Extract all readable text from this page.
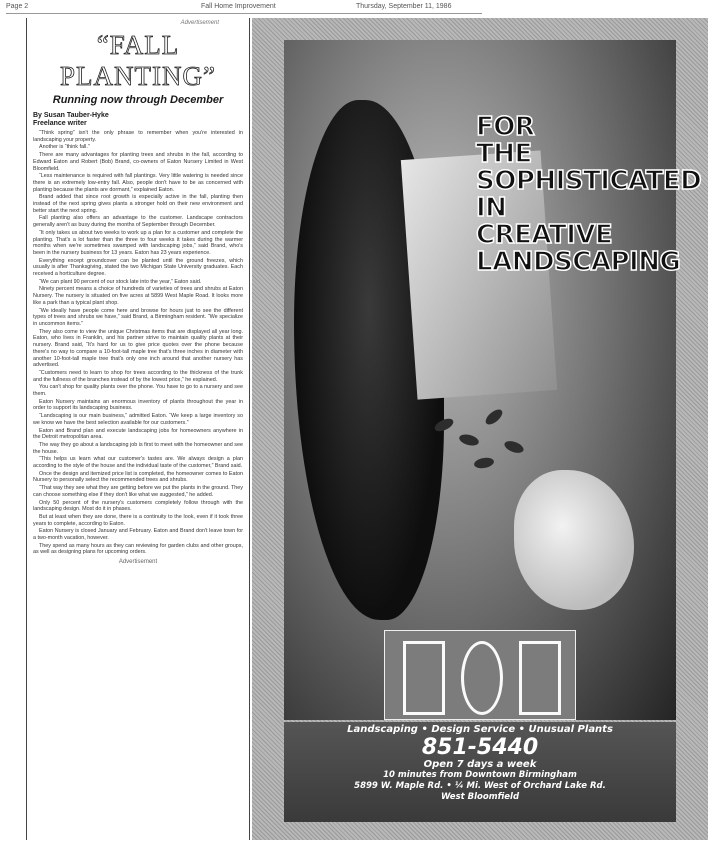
Page 2	Fall Home Improvement	Thursday, September 11, 1986
Advertisement
“FALL PLANTING”
Running now through December
By Susan Tauber-Hyke
Freelance writer

“Think spring” isn't the only phrase to remember when you're interested in landscaping your property.

Another is “think fall.”

There are many advantages for planting trees and shrubs in the fall, according to Edward Eaton and Robert (Bob) Brand, co-owners of Eaton Nursery Limited in West Bloomfield.

“Less maintenance is required with fall plantings. Very little watering is needed since there is an extremely low-entry fall. Also, people don't have to be as concerned with planting because the plants are dormant,” explained Eaton.

Brand added that since root growth is especially active in the fall, planting then instead of the next spring gives plants a stronger hold on their new environment and better start the next spring.

Fall planting also offers an advantage to the customer. Landscape contractors generally aren't as busy during the months of September through December.

“It only takes us about two weeks to work up a plan for a customer and complete the planting. That's a lot faster than the three to four weeks it takes during the warmer months when we're sometimes swamped with landscaping jobs,” said Brand, who's been in the nursery business for 13 years. Eaton has 23 years experience.

Everything except groundcover can be planted until the ground freezes, which usually is after Thanksgiving, stated the two Michigan State University graduates. Each received a horticulture degree.

“We can plant 90 percent of our stock late into the year,” Eaton said.

Ninety percent means a choice of hundreds of varieties of trees and shrubs at Eaton Nursery. The nursery is situated on five acres at 5899 West Maple Road. It looks more like a park than a typical plant shop.

“We ideally have people come here and browse for hours just to see the different types of trees and shrubs we have,” said Brand, a Birmingham resident. “We specialize in uncommon items.”

They also come to view the unique Christmas items that are displayed all year long. Eaton, who lives in Franklin, and his partner strive to maintain quality plants at their nursery. Brand said, “It's hard for us to give price quotes over the phone because there's no way to compare a 10-foot-tall maple tree that's three inches in diameter with another 10-foot-tall maple tree that's only one inch around that another nursery has advertised.

“Customers need to learn to shop for trees according to the thickness of the trunk and the fullness of the branches instead of by the lowest price,” he explained.

You can't shop for quality plants over the phone. You have to go to a nursery and see them.

Eaton Nursery maintains an enormous inventory of plants throughout the year in order to support its landscaping business.

“Landscaping is our main business,” admitted Eaton. “We keep a large inventory so we know we have the best selection available for our customers.”

Eaton and Brand plan and execute landscaping jobs for homeowners anywhere in the Detroit metropolitan area.

The way they go about a landscaping job is first to meet with the homeowner and see the house.

“This helps us learn what our customer's tastes are. We always design a plan according to the style of the house and the individual taste of the customer,” Brand said.

Once the design and itemized price list is completed, the homeowner comes to Eaton Nursery to personally select the recommended trees and shrubs.

“That way they see what they are getting before we put the plants in the ground. They can choose something else if they don't like what we suggested,” he added.

Only 50 percent of the nursery's customers completely follow through with the landscaping design. Most do it in phases.

But at least when they are done, there is a continuity to the look, even if it took three years to complete, according to Eaton.

Eaton Nursery is closed January and February. Eaton and Brand don't leave town for a two-month vacation, however.

They spend as many hours as they can reviewing for garden clubs and other groups, as well as designing plans for upcoming orders.

Advertisement
FOR
THE
SOPHISTICATED
IN
CREATIVE
LANDSCAPING
Landscaping • Design Service • Unusual Plants
851-5440
Open 7 days a week
10 minutes from Downtown Birmingham
5899 W. Maple Rd. • ¼ Mi. West of Orchard Lake Rd.
West Bloomfield
